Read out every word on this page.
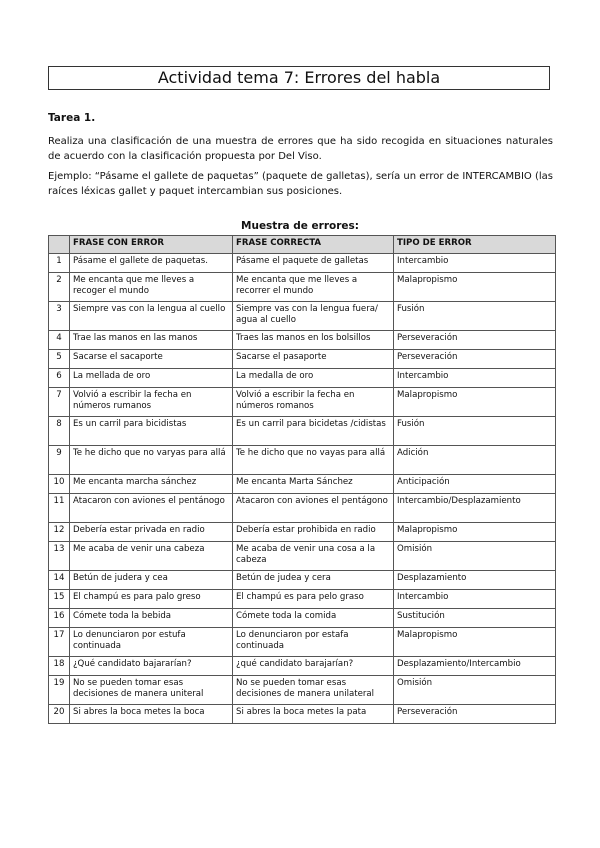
Actividad tema 7: Errores del habla
Tarea 1.
Realiza una clasificación de una muestra de errores que ha sido recogida en situaciones naturales de acuerdo con la clasificación propuesta por Del Viso.
Ejemplo: “Pásame el gallete de paquetas” (paquete de galletas), sería un error de INTERCAMBIO (las raíces léxicas gallet y paquet intercambian sus posiciones.
Muestra de errores:
	FRASE CON ERROR	FRASE CORRECTA	TIPO DE ERROR
1	Pásame el gallete de paquetas.	Pásame el paquete de galletas	Intercambio
2	Me encanta que me lleves a recoger el mundo	Me encanta que me lleves a recorrer el mundo	Malapropismo
3	Siempre vas con la lengua al cuello	Siempre vas con la lengua fuera/ agua al cuello	Fusión
4	Trae las manos en las manos	Traes las manos en los bolsillos	Perseveración
5	Sacarse el sacaporte	Sacarse el pasaporte	Perseveración
6	La mellada de oro	La medalla de oro	Intercambio
7	Volvió a escribir la fecha en números rumanos	Volvió a escribir la fecha en números romanos	Malapropismo
8	Es un carril para bicidistas	Es un carril para bicidetas /cidistas	Fusión
9	Te he dicho que no varyas para allá	Te he dicho que no vayas para allá	Adición
10	Me encanta marcha sánchez	Me encanta Marta Sánchez	Anticipación
11	Atacaron con aviones el pentánogo	Atacaron con aviones el pentágono	Intercambio/Desplazamiento
12	Debería estar privada en radio	Debería estar prohibida en radio	Malapropismo
13	Me acaba de venir una cabeza	Me acaba de venir una cosa a la cabeza	Omisión
14	Betún de judera y cea	Betún de judea y cera	Desplazamiento
15	El champú es para palo greso	El champú es para pelo graso	Intercambio
16	Cómete toda la bebida	Cómete toda la comida	Sustitución
17	Lo denunciaron por estufa continuada	Lo denunciaron por estafa continuada	Malapropismo
18	¿Qué candidato bajararían?	¿qué candidato barajarían?	Desplazamiento/Intercambio
19	No se pueden tomar esas decisiones de manera uniteral	No se pueden tomar esas decisiones de manera unilateral	Omisión
20	Si abres la boca metes la boca	Si abres la boca metes la pata	Perseveración
